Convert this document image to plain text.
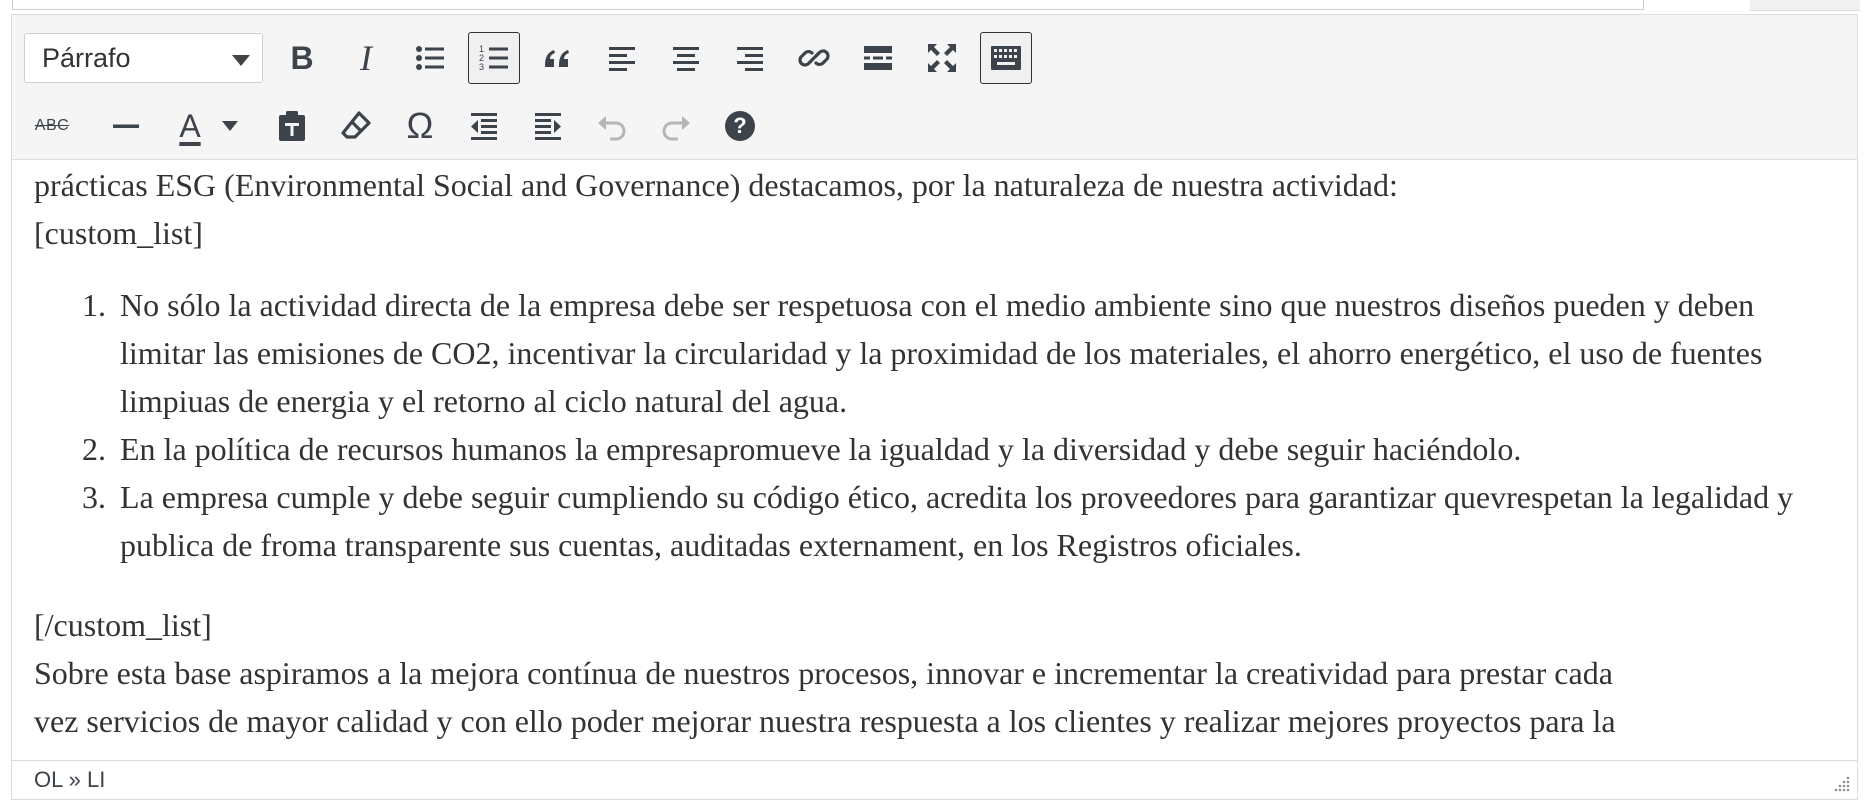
Párrafo	B I	1
2
3
ABC	A	Ω	?

prácticas ESG (Environmental Social and Governance) destacamos, por la naturaleza de nuestra actividad:

[custom_list]

1. No sólo la actividad directa de la empresa debe ser respetuosa con el medio ambiente sino que nuestros diseños pueden y deben limitar las emisiones de CO2, incentivar la circularidad y la proximidad de los materiales, el ahorro energético, el uso de fuentes limpiuas de energia y el retorno al ciclo natural del agua.
2. En la política de recursos humanos la empresapromueve la igualdad y la diversidad y debe seguir haciéndolo.
3. La empresa cumple y debe seguir cumpliendo su código ético, acredita los proveedores para garantizar quevrespetan la legalidad y publica de froma transparente sus cuentas, auditadas externament, en los Registros oficiales.

[/custom_list]

Sobre esta base aspiramos a la mejora contínua de nuestros procesos, innovar e incrementar la creatividad para prestar cada

vez servicios de mayor calidad y con ello poder mejorar nuestra respuesta a los clientes y realizar mejores proyectos para la

OL » LI
